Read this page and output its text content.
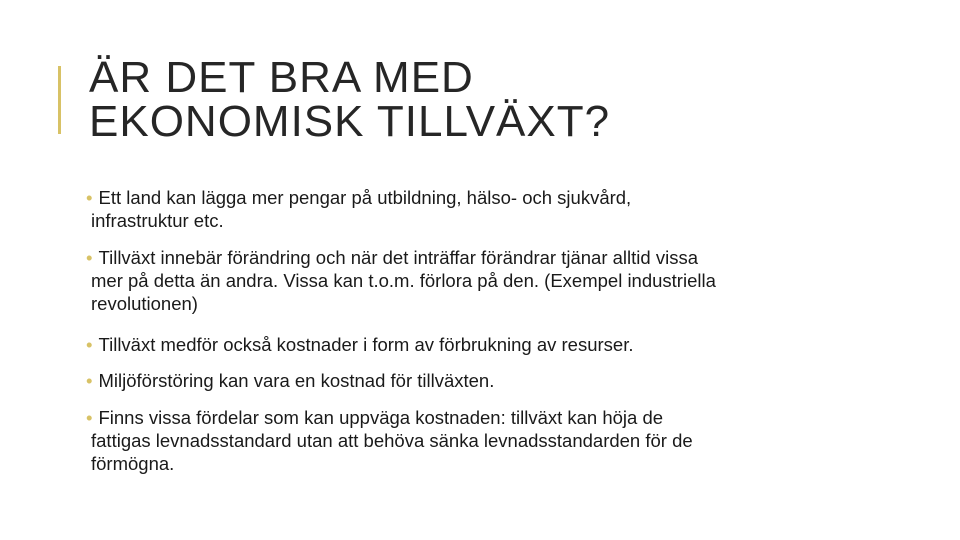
ÄR DET BRA MED
EKONOMISK TILLVÄXT?
• Ett land kan lägga mer pengar på utbildning, hälso- och sjukvård,
infrastruktur etc.
• Tillväxt innebär förändring och när det inträffar förändrar tjänar alltid vissa
mer på detta än andra. Vissa kan t.o.m. förlora på den. (Exempel industriella
revolutionen)
• Tillväxt medför också kostnader i form av förbrukning av resurser.
• Miljöförstöring kan vara en kostnad för tillväxten.
• Finns vissa fördelar som kan uppväga kostnaden: tillväxt kan höja de
fattigas levnadsstandard utan att behöva sänka levnadsstandarden för de
förmögna.
